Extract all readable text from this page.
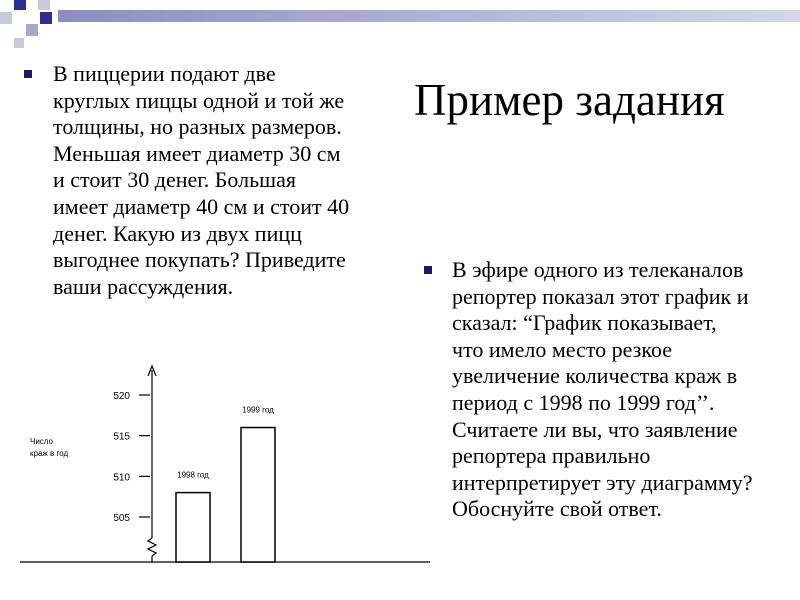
Пример задания
В пиццерии подают две
круглых пиццы одной и той же
толщины, но разных размеров.
Меньшая имеет диаметр 30 см
и стоит 30 денег. Большая
имеет диаметр 40 см и стоит 40
денег. Какую из двух пицц
выгоднее покупать? Приведите
ваши рассуждения.
В эфире одного из телеканалов
репортер показал этот график и
сказал: “График показывает,
что имело место резкое
увеличение количества краж в
период с 1998 по 1999 год’’.
Считаете ли вы, что заявление
репортера правильно
интерпретирует эту диаграмму?
Обоснуйте свой ответ.
505
510
515
520
1998 год
1999 год
Число
краж в год
